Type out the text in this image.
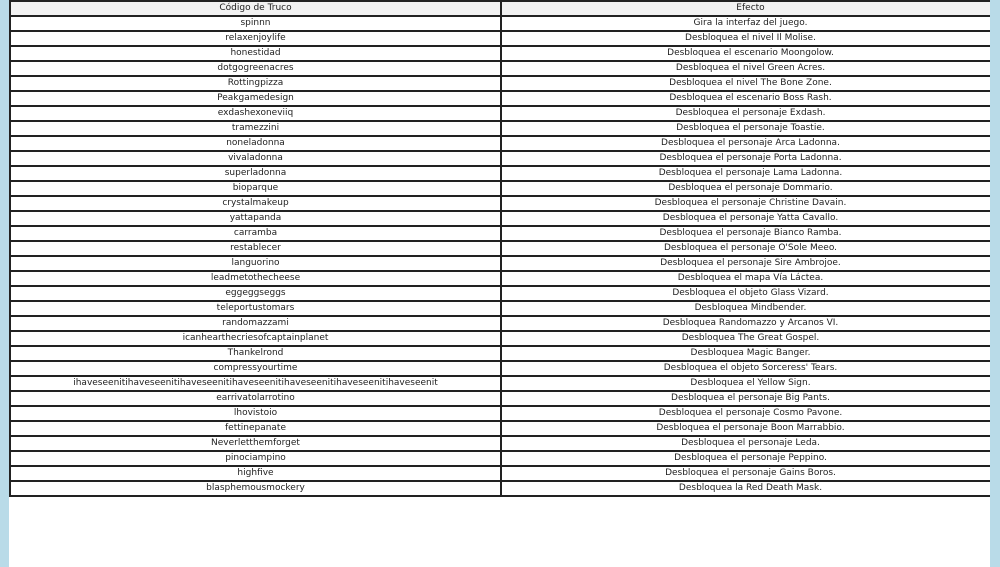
Código de Truco	Efecto
spinnn	Gira la interfaz del juego.
relaxenjoylife	Desbloquea el nivel Il Molise.
honestidad	Desbloquea el escenario Moongolow.
dotgogreenacres	Desbloquea el nivel Green Acres.
Rottingpizza	Desbloquea el nivel The Bone Zone.
Peakgamedesign	Desbloquea el escenario Boss Rash.
exdashexoneviiq	Desbloquea el personaje Exdash.
tramezzini	Desbloquea el personaje Toastie.
noneladonna	Desbloquea el personaje Arca Ladonna.
vivaladonna	Desbloquea el personaje Porta Ladonna.
superladonna	Desbloquea el personaje Lama Ladonna.
bioparque	Desbloquea el personaje Dommario.
crystalmakeup	Desbloquea el personaje Christine Davain.
yattapanda	Desbloquea el personaje Yatta Cavallo.
carramba	Desbloquea el personaje Bianco Ramba.
restablecer	Desbloquea el personaje O'Sole Meeo.
languorino	Desbloquea el personaje Sire Ambrojoe.
leadmetothecheese	Desbloquea el mapa Vía Láctea.
eggeggseggs	Desbloquea el objeto Glass Vizard.
teleportustomars	Desbloquea Mindbender.
randomazzami	Desbloquea Randomazzo y Arcanos VI.
icanhearthecriesofcaptainplanet	Desbloquea The Great Gospel.
Thankelrond	Desbloquea Magic Banger.
compressyourtime	Desbloquea el objeto Sorceress' Tears.
ihaveseenitihaveseenitihaveseenitihaveseenitihaveseenitihaveseenitihaveseenit	Desbloquea el Yellow Sign.
earrivatolarrotino	Desbloquea el personaje Big Pants.
lhovistoio	Desbloquea el personaje Cosmo Pavone.
fettinepanate	Desbloquea el personaje Boon Marrabbio.
Neverletthemforget	Desbloquea el personaje Leda.
pinociampino	Desbloquea el personaje Peppino.
highfive	Desbloquea el personaje Gains Boros.
blasphemousmockery	Desbloquea la Red Death Mask.
